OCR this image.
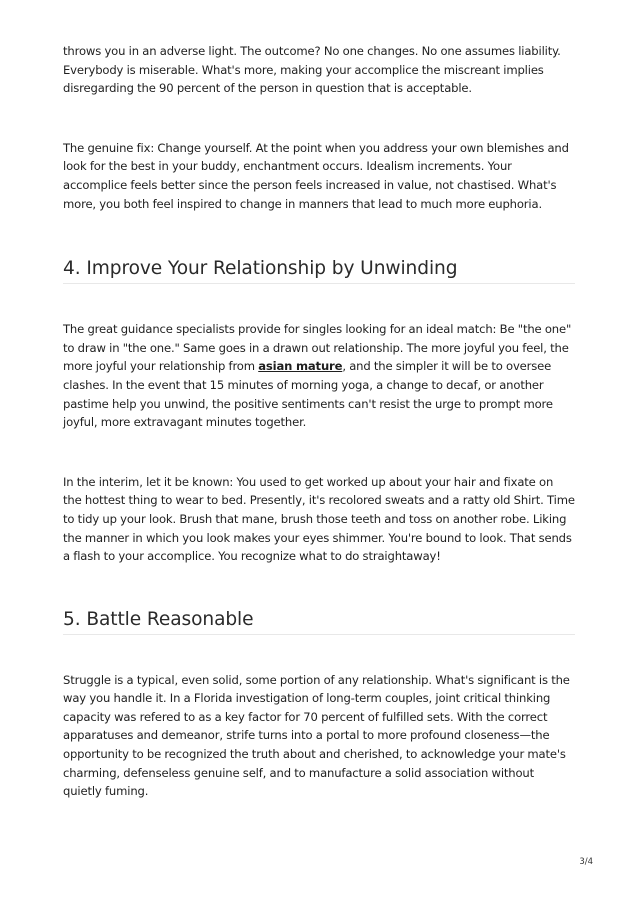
throws you in an adverse light. The outcome? No one changes. No one assumes liability. Everybody is miserable. What's more, making your accomplice the miscreant implies disregarding the 90 percent of the person in question that is acceptable.

The genuine fix: Change yourself. At the point when you address your own blemishes and look for the best in your buddy, enchantment occurs. Idealism increments. Your accomplice feels better since the person feels increased in value, not chastised. What's more, you both feel inspired to change in manners that lead to much more euphoria.

4. Improve Your Relationship by Unwinding

The great guidance specialists provide for singles looking for an ideal match: Be "the one" to draw in "the one." Same goes in a drawn out relationship. The more joyful you feel, the more joyful your relationship from asian mature, and the simpler it will be to oversee clashes. In the event that 15 minutes of morning yoga, a change to decaf, or another pastime help you unwind, the positive sentiments can't resist the urge to prompt more joyful, more extravagant minutes together.

In the interim, let it be known: You used to get worked up about your hair and fixate on the hottest thing to wear to bed. Presently, it's recolored sweats and a ratty old Shirt. Time to tidy up your look. Brush that mane, brush those teeth and toss on another robe. Liking the manner in which you look makes your eyes shimmer. You're bound to look. That sends a flash to your accomplice. You recognize what to do straightaway!

5. Battle Reasonable

Struggle is a typical, even solid, some portion of any relationship. What's significant is the way you handle it. In a Florida investigation of long-term couples, joint critical thinking capacity was refered to as a key factor for 70 percent of fulfilled sets. With the correct apparatuses and demeanor, strife turns into a portal to more profound closeness—the opportunity to be recognized the truth about and cherished, to acknowledge your mate's charming, defenseless genuine self, and to manufacture a solid association without quietly fuming.

3/4
